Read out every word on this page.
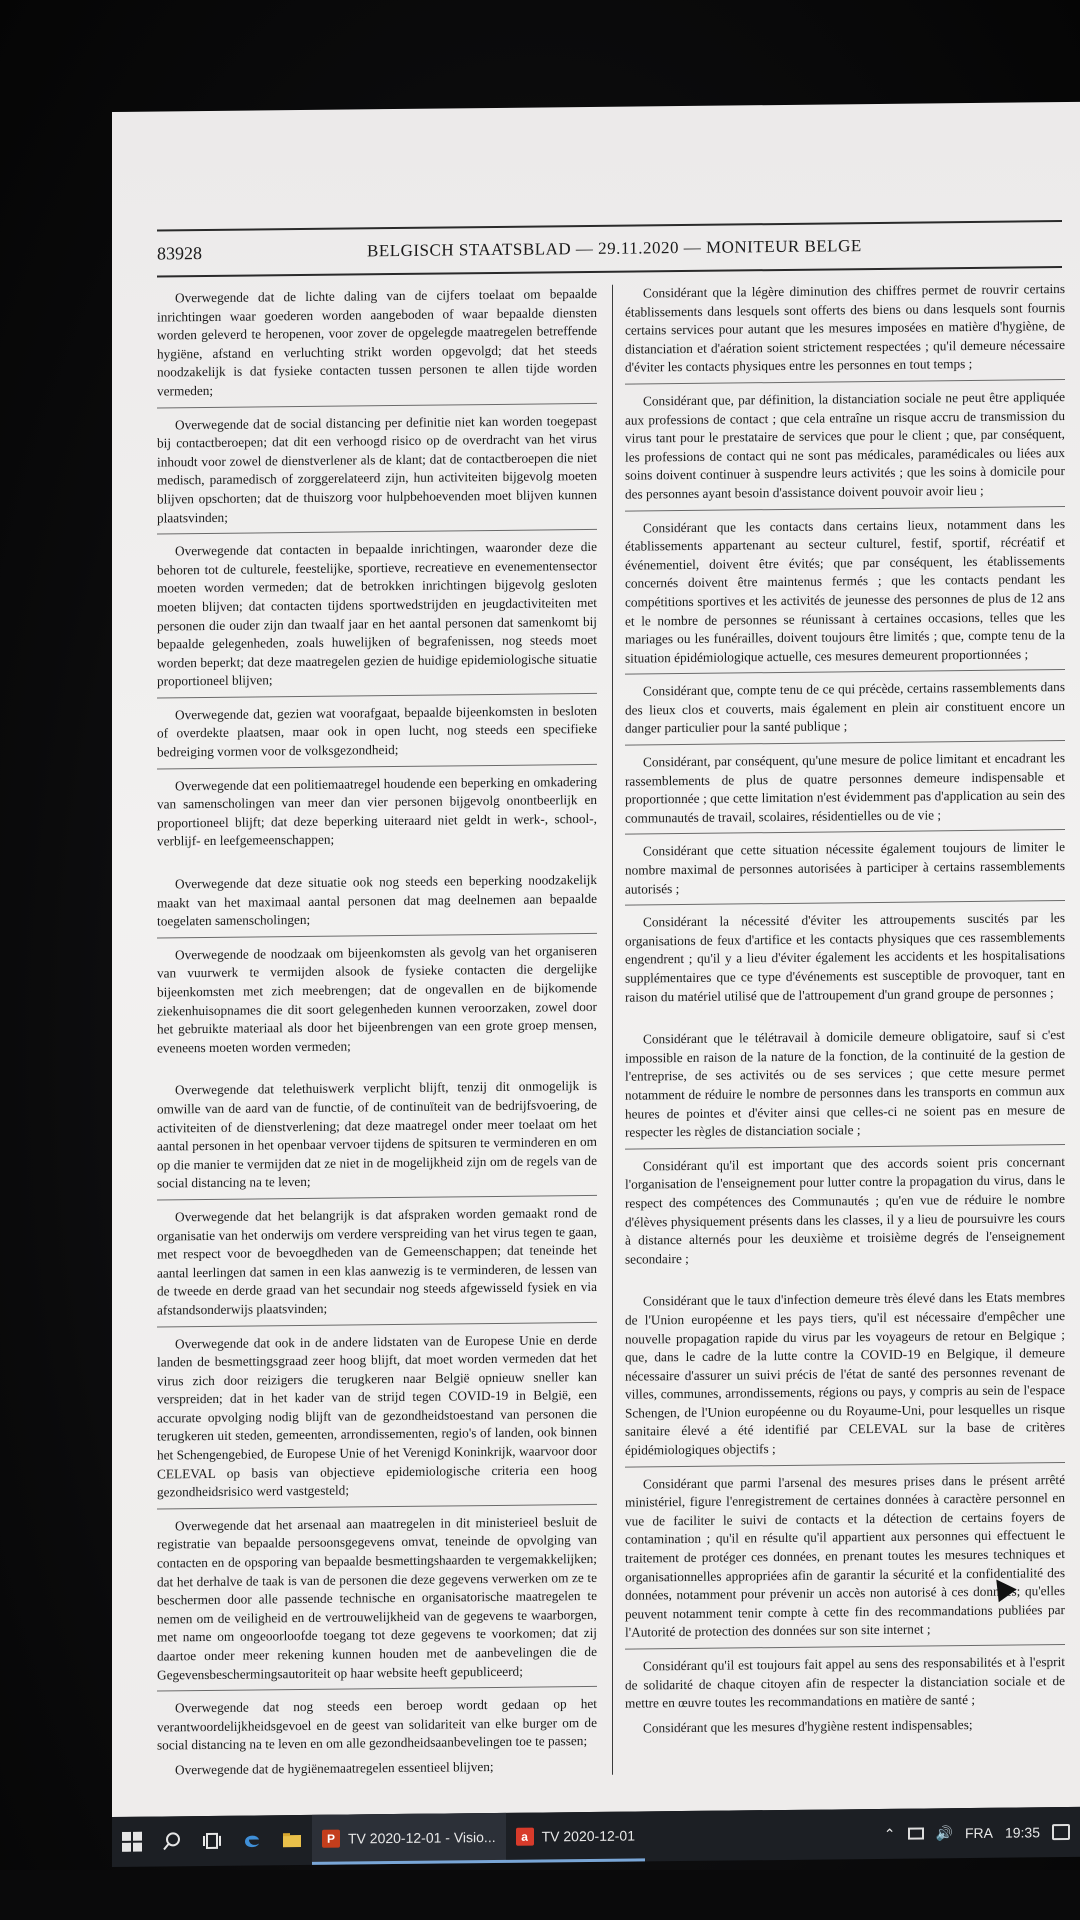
83928	BELGISCH STAATSBLAD — 29.11.2020 — MONITEUR BELGE

Overwegende dat de lichte daling van de cijfers toelaat om bepaalde inrichtingen waar goederen worden aangeboden of waar bepaalde diensten worden geleverd te heropenen, voor zover de opgelegde maatregelen betreffende hygiëne, afstand en verluchting strikt worden opgevolgd; dat het steeds noodzakelijk is dat fysieke contacten tussen personen te allen tijde worden vermeden;

Overwegende dat de social distancing per definitie niet kan worden toegepast bij contactberoepen; dat dit een verhoogd risico op de overdracht van het virus inhoudt voor zowel de dienstverlener als de klant; dat de contactberoepen die niet medisch, paramedisch of zorggerelateerd zijn, hun activiteiten bijgevolg moeten blijven opschorten; dat de thuiszorg voor hulpbehoevenden moet blijven kunnen plaatsvinden;

Overwegende dat contacten in bepaalde inrichtingen, waaronder deze die behoren tot de culturele, feestelijke, sportieve, recreatieve en evenementensector moeten worden vermeden; dat de betrokken inrichtingen bijgevolg gesloten moeten blijven; dat contacten tijdens sportwedstrijden en jeugdactiviteiten met personen die ouder zijn dan twaalf jaar en het aantal personen dat samenkomt bij bepaalde gelegenheden, zoals huwelijken of begrafenissen, nog steeds moet worden beperkt; dat deze maatregelen gezien de huidige epidemiologische situatie proportioneel blijven;

Overwegende dat, gezien wat voorafgaat, bepaalde bijeenkomsten in besloten of overdekte plaatsen, maar ook in open lucht, nog steeds een specifieke bedreiging vormen voor de volksgezondheid;

Overwegende dat een politiemaatregel houdende een beperking en omkadering van samenscholingen van meer dan vier personen bijgevolg onontbeerlijk en proportioneel blijft; dat deze beperking uiteraard niet geldt in werk-, school-, verblijf- en leefgemeenschappen;

Overwegende dat deze situatie ook nog steeds een beperking noodzakelijk maakt van het maximaal aantal personen dat mag deelnemen aan bepaalde toegelaten samenscholingen;

Overwegende de noodzaak om bijeenkomsten als gevolg van het organiseren van vuurwerk te vermijden alsook de fysieke contacten die dergelijke bijeenkomsten met zich meebrengen; dat de ongevallen en de bijkomende ziekenhuisopnames die dit soort gelegenheden kunnen veroorzaken, zowel door het gebruikte materiaal als door het bijeenbrengen van een grote groep mensen, eveneens moeten worden vermeden;

Overwegende dat telethuiswerk verplicht blijft, tenzij dit onmogelijk is omwille van de aard van de functie, of de continuïteit van de bedrijfsvoering, de activiteiten of de dienstverlening; dat deze maatregel onder meer toelaat om het aantal personen in het openbaar vervoer tijdens de spitsuren te verminderen en om op die manier te vermijden dat ze niet in de mogelijkheid zijn om de regels van de social distancing na te leven;

Overwegende dat het belangrijk is dat afspraken worden gemaakt rond de organisatie van het onderwijs om verdere verspreiding van het virus tegen te gaan, met respect voor de bevoegdheden van de Gemeenschappen; dat teneinde het aantal leerlingen dat samen in een klas aanwezig is te verminderen, de lessen van de tweede en derde graad van het secundair nog steeds afgewisseld fysiek en via afstandsonderwijs plaatsvinden;

Overwegende dat ook in de andere lidstaten van de Europese Unie en derde landen de besmettingsgraad zeer hoog blijft, dat moet worden vermeden dat het virus zich door reizigers die terugkeren naar België opnieuw sneller kan verspreiden; dat in het kader van de strijd tegen COVID-19 in België, een accurate opvolging nodig blijft van de gezondheidstoestand van personen die terugkeren uit steden, gemeenten, arrondissementen, regio's of landen, ook binnen het Schengengebied, de Europese Unie of het Verenigd Koninkrijk, waarvoor door CELEVAL op basis van objectieve epidemiologische criteria een hoog gezondheidsrisico werd vastgesteld;

Overwegende dat het arsenaal aan maatregelen in dit ministerieel besluit de registratie van bepaalde persoonsgegevens omvat, teneinde de opvolging van contacten en de opsporing van bepaalde besmettingshaarden te vergemakkelijken; dat het derhalve de taak is van de personen die deze gegevens verwerken om ze te beschermen door alle passende technische en organisatorische maatregelen te nemen om de veiligheid en de vertrouwelijkheid van de gegevens te waarborgen, met name om ongeoorloofde toegang tot deze gegevens te voorkomen; dat zij daartoe onder meer rekening kunnen houden met de aanbevelingen die de Gegevensbeschermingsautoriteit op haar website heeft gepubliceerd;

Overwegende dat nog steeds een beroep wordt gedaan op het verantwoordelijkheidsgevoel en de geest van solidariteit van elke burger om de social distancing na te leven en om alle gezondheidsaanbevelingen toe te passen;

Overwegende dat de hygiënemaatregelen essentieel blijven;

Considérant que la légère diminution des chiffres permet de rouvrir certains établissements dans lesquels sont offerts des biens ou dans lesquels sont fournis certains services pour autant que les mesures imposées en matière d'hygiène, de distanciation et d'aération soient strictement respectées ; qu'il demeure nécessaire d'éviter les contacts physiques entre les personnes en tout temps ;

Considérant que, par définition, la distanciation sociale ne peut être appliquée aux professions de contact ; que cela entraîne un risque accru de transmission du virus tant pour le prestataire de services que pour le client ; que, par conséquent, les professions de contact qui ne sont pas médicales, paramédicales ou liées aux soins doivent continuer à suspendre leurs activités ; que les soins à domicile pour des personnes ayant besoin d'assistance doivent pouvoir avoir lieu ;

Considérant que les contacts dans certains lieux, notamment dans les établissements appartenant au secteur culturel, festif, sportif, récréatif et événementiel, doivent être évités; que par conséquent, les établissements concernés doivent être maintenus fermés ; que les contacts pendant les compétitions sportives et les activités de jeunesse des personnes de plus de 12 ans et le nombre de personnes se réunissant à certaines occasions, telles que les mariages ou les funérailles, doivent toujours être limités ; que, compte tenu de la situation épidémiologique actuelle, ces mesures demeurent proportionnées ;

Considérant que, compte tenu de ce qui précède, certains rassemblements dans des lieux clos et couverts, mais également en plein air constituent encore un danger particulier pour la santé publique ;

Considérant, par conséquent, qu'une mesure de police limitant et encadrant les rassemblements de plus de quatre personnes demeure indispensable et proportionnée ; que cette limitation n'est évidemment pas d'application au sein des communautés de travail, scolaires, résidentielles ou de vie ;

Considérant que cette situation nécessite également toujours de limiter le nombre maximal de personnes autorisées à participer à certains rassemblements autorisés ;

Considérant la nécessité d'éviter les attroupements suscités par les organisations de feux d'artifice et les contacts physiques que ces rassemblements engendrent ; qu'il y a lieu d'éviter également les accidents et les hospitalisations supplémentaires que ce type d'événements est susceptible de provoquer, tant en raison du matériel utilisé que de l'attroupement d'un grand groupe de personnes ;

Considérant que le télétravail à domicile demeure obligatoire, sauf si c'est impossible en raison de la nature de la fonction, de la continuité de la gestion de l'entreprise, de ses activités ou de ses services ; que cette mesure permet notamment de réduire le nombre de personnes dans les transports en commun aux heures de pointes et d'éviter ainsi que celles-ci ne soient pas en mesure de respecter les règles de distanciation sociale ;

Considérant qu'il est important que des accords soient pris concernant l'organisation de l'enseignement pour lutter contre la propagation du virus, dans le respect des compétences des Communautés ; qu'en vue de réduire le nombre d'élèves physiquement présents dans les classes, il y a lieu de poursuivre les cours à distance alternés pour les deuxième et troisième degrés de l'enseignement secondaire ;

Considérant que le taux d'infection demeure très élevé dans les Etats membres de l'Union européenne et les pays tiers, qu'il est nécessaire d'empêcher une nouvelle propagation rapide du virus par les voyageurs de retour en Belgique ; que, dans le cadre de la lutte contre la COVID-19 en Belgique, il demeure nécessaire d'assurer un suivi précis de l'état de santé des personnes revenant de villes, communes, arrondissements, régions ou pays, y compris au sein de l'espace Schengen, de l'Union européenne ou du Royaume-Uni, pour lesquelles un risque sanitaire élevé a été identifié par CELEVAL sur la base de critères épidémiologiques objectifs ;

Considérant que parmi l'arsenal des mesures prises dans le présent arrêté ministériel, figure l'enregistrement de certaines données à caractère personnel en vue de faciliter le suivi de contacts et la détection de certains foyers de contamination ; qu'il en résulte qu'il appartient aux personnes qui effectuent le traitement de protéger ces données, en prenant toutes les mesures techniques et organisationnelles appropriées afin de garantir la sécurité et la confidentialité des données, notamment pour prévenir un accès non autorisé à ces données; qu'elles peuvent notamment tenir compte à cette fin des recommandations publiées par l'Autorité de protection des données sur son site internet ;

Considérant qu'il est toujours fait appel au sens des responsabilités et à l'esprit de solidarité de chaque citoyen afin de respecter la distanciation sociale et de mettre en œuvre toutes les recommandations en matière de santé ;

Considérant que les mesures d'hygiène restent indispensables;

P TV 2020-12-01 - Visio...	a TV 2020-12-01	⌃	🔊 FRA 19:35
